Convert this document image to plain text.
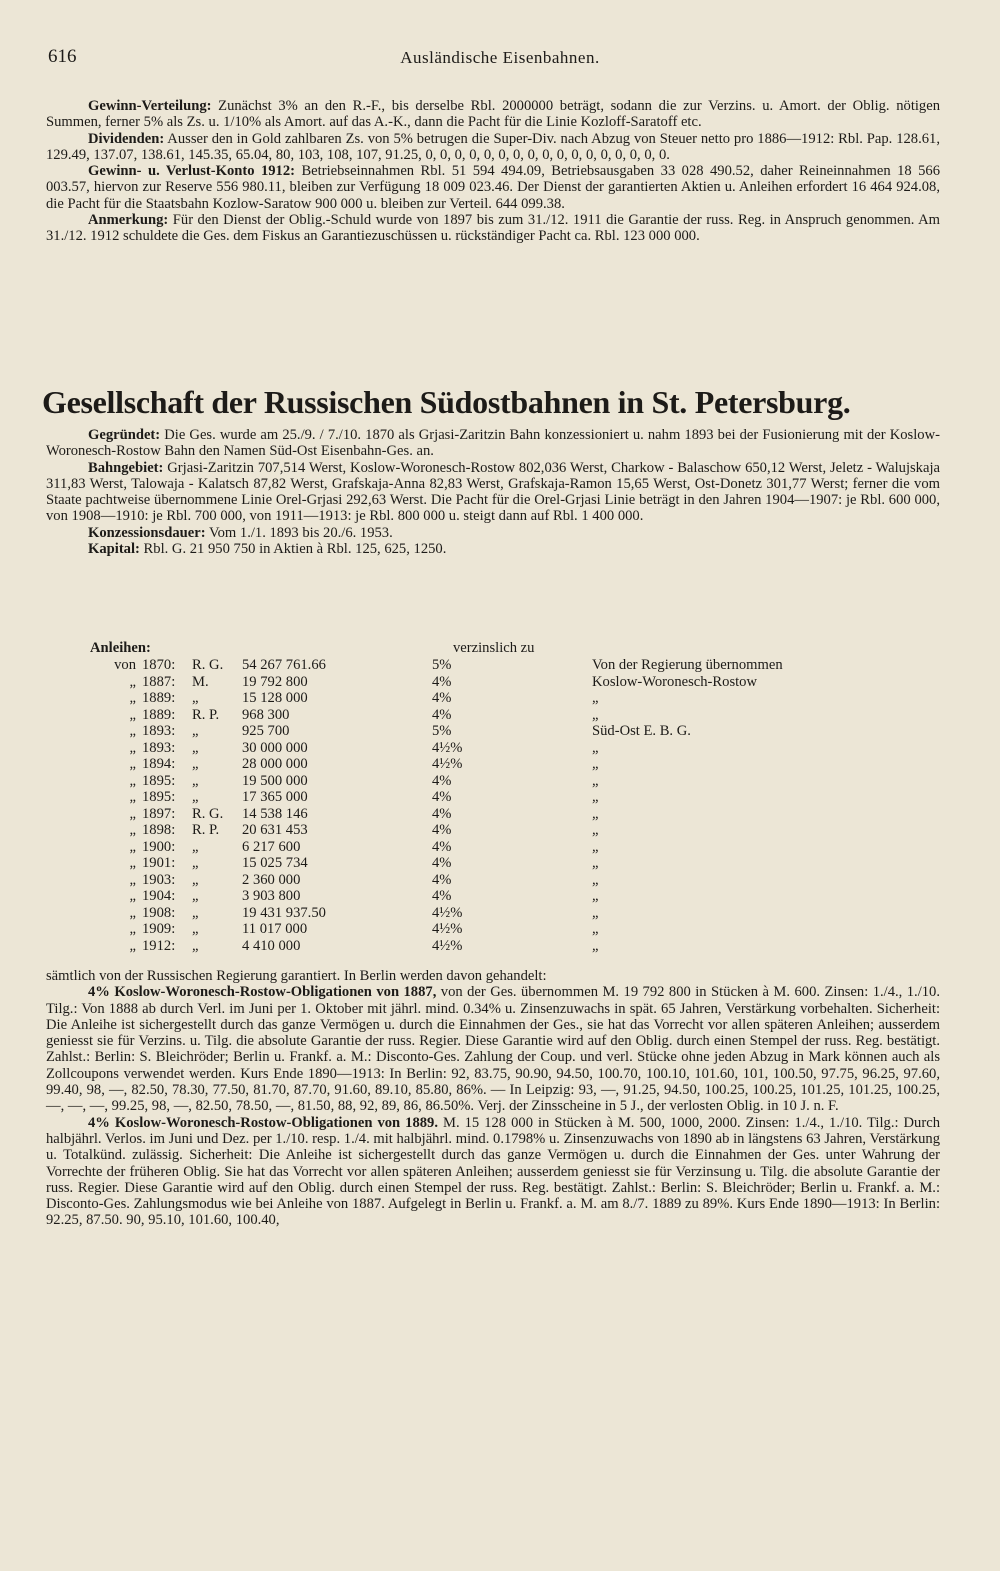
616	Ausländische Eisenbahnen.
Gewinn-Verteilung: Zunächst 3% an den R.-F., bis derselbe Rbl. 2000000 beträgt, sodann die zur Verzins. u. Amort. der Oblig. nötigen Summen, ferner 5% als Zs. u. 1/10% als Amort. auf das A.-K., dann die Pacht für die Linie Kozloff-Saratoff etc.
Dividenden: Ausser den in Gold zahlbaren Zs. von 5% betrugen die Super-Div. nach Abzug von Steuer netto pro 1886—1912: Rbl. Pap. 128.61, 129.49, 137.07, 138.61, 145.35, 65.04, 80, 103, 108, 107, 91.25, 0, 0, 0, 0, 0, 0, 0, 0, 0, 0, 0, 0, 0, 0, 0, 0, 0.
Gewinn- u. Verlust-Konto 1912: Betriebseinnahmen Rbl. 51 594 494.09, Betriebsausgaben 33 028 490.52, daher Reineinnahmen 18 566 003.57, hiervon zur Reserve 556 980.11, bleiben zur Verfügung 18 009 023.46. Der Dienst der garantierten Aktien u. Anleihen erfordert 16 464 924.08, die Pacht für die Staatsbahn Kozlow-Saratow 900 000 u. bleiben zur Verteil. 644 099.38.
Anmerkung: Für den Dienst der Oblig.-Schuld wurde von 1897 bis zum 31./12. 1911 die Garantie der russ. Reg. in Anspruch genommen. Am 31./12. 1912 schuldete die Ges. dem Fiskus an Garantiezuschüssen u. rückständiger Pacht ca. Rbl. 123 000 000.
Gesellschaft der Russischen Südostbahnen in St. Petersburg.
Gegründet: Die Ges. wurde am 25./9. / 7./10. 1870 als Grjasi-Zaritzin Bahn konzessioniert u. nahm 1893 bei der Fusionierung mit der Koslow-Woronesch-Rostow Bahn den Namen Süd-Ost Eisenbahn-Ges. an.
Bahngebiet: Grjasi-Zaritzin 707,514 Werst, Koslow-Woronesch-Rostow 802,036 Werst, Charkow - Balaschow 650,12 Werst, Jeletz - Walujskaja 311,83 Werst, Talowaja - Kalatsch 87,82 Werst, Grafskaja-Anna 82,83 Werst, Grafskaja-Ramon 15,65 Werst, Ost-Donetz 301,77 Werst; ferner die vom Staate pachtweise übernommene Linie Orel-Grjasi 292,63 Werst. Die Pacht für die Orel-Grjasi Linie beträgt in den Jahren 1904—1907: je Rbl. 600 000, von 1908—1910: je Rbl. 700 000, von 1911—1913: je Rbl. 800 000 u. steigt dann auf Rbl. 1 400 000.
Konzessionsdauer: Vom 1./1. 1893 bis 20./6. 1953.
Kapital: Rbl. G. 21 950 750 in Aktien à Rbl. 125, 625, 1250.
Anleihen:	verzinslich zu
von	1870:	R. G.	54 267 761.66	5%	Von der Regierung übernommen
„	1887:	M.	19 792 800	4%	Koslow-Woronesch-Rostow
„	1889:	„	15 128 000	4%	„
„	1889:	R. P.	968 300	4%	„
„	1893:	„	925 700	5%	Süd-Ost E. B. G.
„	1893:	„	30 000 000	4½%	„
„	1894:	„	28 000 000	4½%	„
„	1895:	„	19 500 000	4%	„
„	1895:	„	17 365 000	4%	„
„	1897:	R. G.	14 538 146	4%	„
„	1898:	R. P.	20 631 453	4%	„
„	1900:	„	6 217 600	4%	„
„	1901:	„	15 025 734	4%	„
„	1903:	„	2 360 000	4%	„
„	1904:	„	3 903 800	4%	„
„	1908:	„	19 431 937.50	4½%	„
„	1909:	„	11 017 000	4½%	„
„	1912:	„	4 410 000	4½%	„
sämtlich von der Russischen Regierung garantiert. In Berlin werden davon gehandelt:
4% Koslow-Woronesch-Rostow-Obligationen von 1887, von der Ges. übernommen M. 19 792 800 in Stücken à M. 600. Zinsen: 1./4., 1./10. Tilg.: Von 1888 ab durch Verl. im Juni per 1. Oktober mit jährl. mind. 0.34% u. Zinsenzuwachs in spät. 65 Jahren, Verstärkung vorbehalten. Sicherheit: Die Anleihe ist sichergestellt durch das ganze Vermögen u. durch die Einnahmen der Ges., sie hat das Vorrecht vor allen späteren Anleihen; ausserdem geniesst sie für Verzins. u. Tilg. die absolute Garantie der russ. Regier. Diese Garantie wird auf den Oblig. durch einen Stempel der russ. Reg. bestätigt. Zahlst.: Berlin: S. Bleichröder; Berlin u. Frankf. a. M.: Disconto-Ges. Zahlung der Coup. und verl. Stücke ohne jeden Abzug in Mark können auch als Zollcoupons verwendet werden. Kurs Ende 1890—1913: In Berlin: 92, 83.75, 90.90, 94.50, 100.70, 100.10, 101.60, 101, 100.50, 97.75, 96.25, 97.60, 99.40, 98, —, 82.50, 78.30, 77.50, 81.70, 87.70, 91.60, 89.10, 85.80, 86%. — In Leipzig: 93, —, 91.25, 94.50, 100.25, 100.25, 101.25, 101.25, 100.25, —, —, —, 99.25, 98, —, 82.50, 78.50, —, 81.50, 88, 92, 89, 86, 86.50%. Verj. der Zinsscheine in 5 J., der verlosten Oblig. in 10 J. n. F.
4% Koslow-Woronesch-Rostow-Obligationen von 1889. M. 15 128 000 in Stücken à M. 500, 1000, 2000. Zinsen: 1./4., 1./10. Tilg.: Durch halbjährl. Verlos. im Juni und Dez. per 1./10. resp. 1./4. mit halbjährl. mind. 0.1798% u. Zinsenzuwachs von 1890 ab in längstens 63 Jahren, Verstärkung u. Totalkünd. zulässig. Sicherheit: Die Anleihe ist sichergestellt durch das ganze Vermögen u. durch die Einnahmen der Ges. unter Wahrung der Vorrechte der früheren Oblig. Sie hat das Vorrecht vor allen späteren Anleihen; ausserdem geniesst sie für Verzinsung u. Tilg. die absolute Garantie der russ. Regier. Diese Garantie wird auf den Oblig. durch einen Stempel der russ. Reg. bestätigt. Zahlst.: Berlin: S. Bleichröder; Berlin u. Frankf. a. M.: Disconto-Ges. Zahlungsmodus wie bei Anleihe von 1887. Aufgelegt in Berlin u. Frankf. a. M. am 8./7. 1889 zu 89%. Kurs Ende 1890—1913: In Berlin: 92.25, 87.50. 90, 95.10, 101.60, 100.40,
